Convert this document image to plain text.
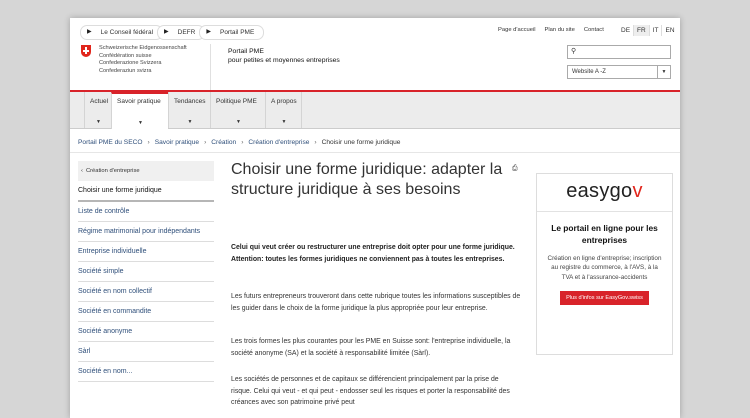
▶ Le Conseil fédéral ▶ DEFR ▶ Portail PME	Page d'accueil Plan du site Contact	DE	FR	IT	EN
Schweizerische Eidgenossenschaft
Confédération suisse
Confederazione Svizzera
Confederaziun svizra
Portail PME
pour petites et moyennes entreprises
⚲
Website A -Z	▼
Actuel
▼
Savoir pratique
▼
Tendances
▼
Politique PME
▼
A propos
▼
Portail PME du SECO › Savoir pratique › Création › Création d'entreprise › Choisir une forme juridique
‹ Création d'entreprise
Choisir une forme juridique
Liste de contrôle
Régime matrimonial pour indépendants
Entreprise individuelle
Société simple
Société en nom collectif
Société en commandite
Société anonyme
Sàrl
Société en nom...
Choisir une forme juridique: adapter la structure juridique à ses besoins
⎙
Celui qui veut créer ou restructurer une entreprise doit opter pour une forme juridique. Attention: toutes les formes juridiques ne conviennent pas à toutes les entreprises.
Les futurs entrepreneurs trouveront dans cette rubrique toutes les informations susceptibles de les guider dans le choix de la forme juridique la plus appropriée pour leur entreprise.
Les trois formes les plus courantes pour les PME en Suisse sont: l'entreprise individuelle, la société anonyme (SA) et la société à responsabilité limitée (Sàrl).
Les sociétés de personnes et de capitaux se différencient principalement par la prise de risque. Celui qui veut - et qui peut - endosser seul les risques et porter la responsabilité des créances avec son patrimoine privé peut
easygov
Le portail en ligne pour les entreprises
Création en ligne d'entreprise; inscription au registre du commerce, à l'AVS, à la TVA et à l'assurance-accidents
Plus d'infos sur EasyGov.swiss
